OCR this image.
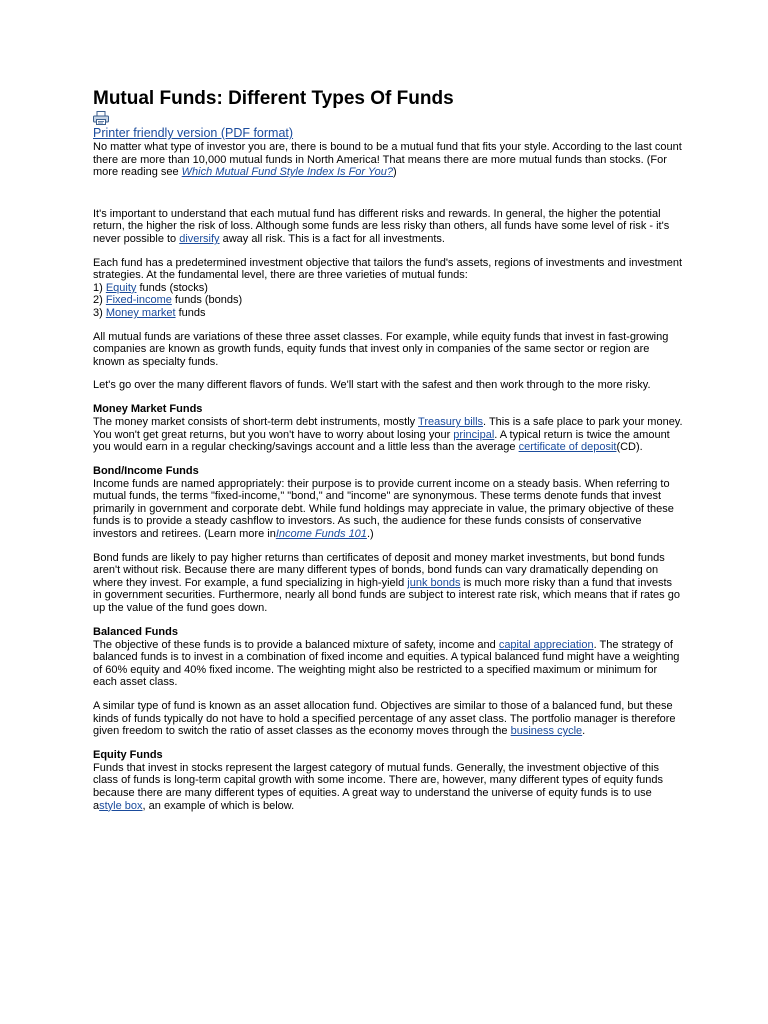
Mutual Funds: Different Types Of Funds
Printer friendly version (PDF format)

No matter what type of investor you are, there is bound to be a mutual fund that fits your style. According to the last count there are more than 10,000 mutual funds in North America! That means there are more mutual funds than stocks. (For more reading see Which Mutual Fund Style Index Is For You?)

It's important to understand that each mutual fund has different risks and rewards. In general, the higher the potential return, the higher the risk of loss. Although some funds are less risky than others, all funds have some level of risk - it's never possible to diversify away all risk. This is a fact for all investments.

Each fund has a predetermined investment objective that tailors the fund's assets, regions of investments and investment strategies. At the fundamental level, there are three varieties of mutual funds:
1) Equity funds (stocks)
2) Fixed-income funds (bonds)
3) Money market funds

All mutual funds are variations of these three asset classes. For example, while equity funds that invest in fast-growing companies are known as growth funds, equity funds that invest only in companies of the same sector or region are known as specialty funds.

Let's go over the many different flavors of funds. We'll start with the safest and then work through to the more risky.

Money Market Funds

The money market consists of short-term debt instruments, mostly Treasury bills. This is a safe place to park your money. You won't get great returns, but you won't have to worry about losing your principal. A typical return is twice the amount you would earn in a regular checking/savings account and a little less than the average certificate of deposit(CD).

Bond/Income Funds

Income funds are named appropriately: their purpose is to provide current income on a steady basis. When referring to mutual funds, the terms "fixed-income," "bond," and "income" are synonymous. These terms denote funds that invest primarily in government and corporate debt. While fund holdings may appreciate in value, the primary objective of these funds is to provide a steady cashflow to investors. As such, the audience for these funds consists of conservative investors and retirees. (Learn more inIncome Funds 101.)

Bond funds are likely to pay higher returns than certificates of deposit and money market investments, but bond funds aren't without risk. Because there are many different types of bonds, bond funds can vary dramatically depending on where they invest. For example, a fund specializing in high-yield junk bonds is much more risky than a fund that invests in government securities. Furthermore, nearly all bond funds are subject to interest rate risk, which means that if rates go up the value of the fund goes down.

Balanced Funds

The objective of these funds is to provide a balanced mixture of safety, income and capital appreciation. The strategy of balanced funds is to invest in a combination of fixed income and equities. A typical balanced fund might have a weighting of 60% equity and 40% fixed income. The weighting might also be restricted to a specified maximum or minimum for each asset class.

A similar type of fund is known as an asset allocation fund. Objectives are similar to those of a balanced fund, but these kinds of funds typically do not have to hold a specified percentage of any asset class. The portfolio manager is therefore given freedom to switch the ratio of asset classes as the economy moves through the business cycle.

Equity Funds

Funds that invest in stocks represent the largest category of mutual funds. Generally, the investment objective of this class of funds is long-term capital growth with some income. There are, however, many different types of equity funds because there are many different types of equities. A great way to understand the universe of equity funds is to use astyle box, an example of which is below.
